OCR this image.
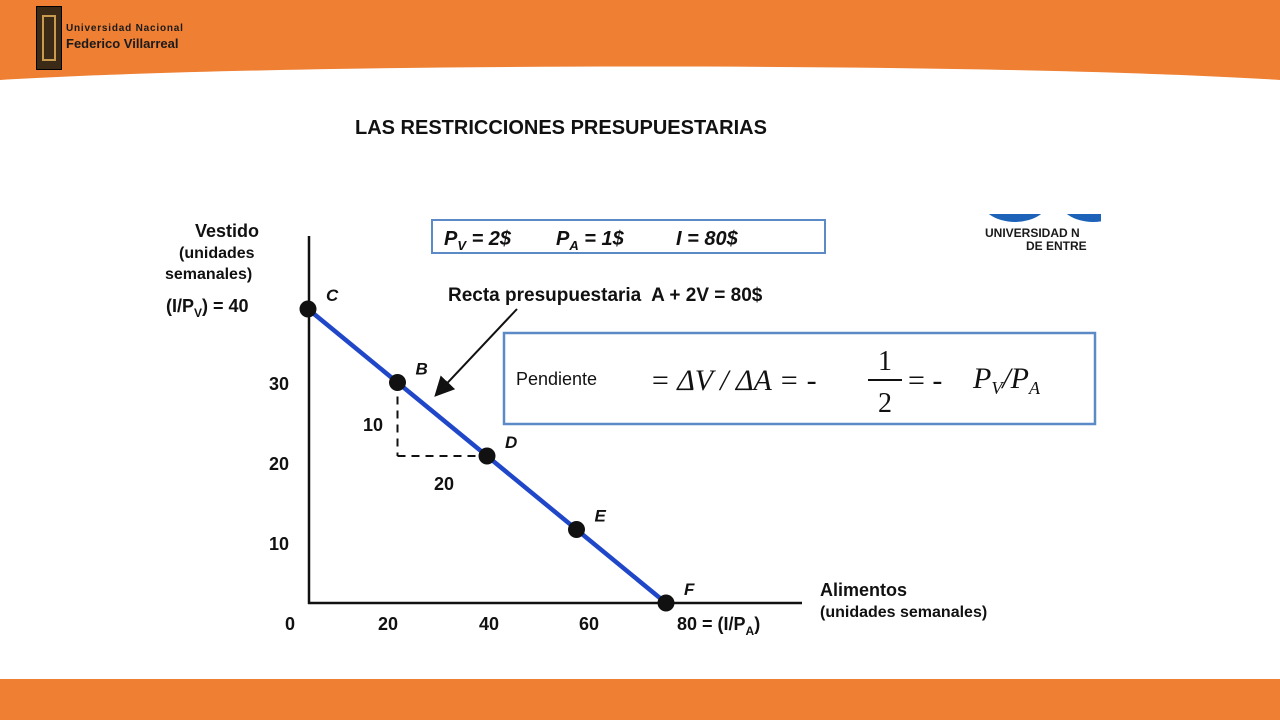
Universidad Nacional
Federico Villarreal
LAS RESTRICCIONES PRESUPUESTARIAS
UNIVERSIDAD N
DE ENTRE
Vestido
(unidades
semanales)
Alimentos
(unidades semanales)
$(I/P_V) = 40$
$80 = (I/P_A)$
0	20	40	60
10
20
30
10
20
C
B
D
E
F
$P_V$ = 2$ $P_A$ = 1$	I = 80$
Recta presupuestaria  A + 2V = 80$
Pendiente = ΔV / ΔA = -
1
2
= - $P_V/P_A$
